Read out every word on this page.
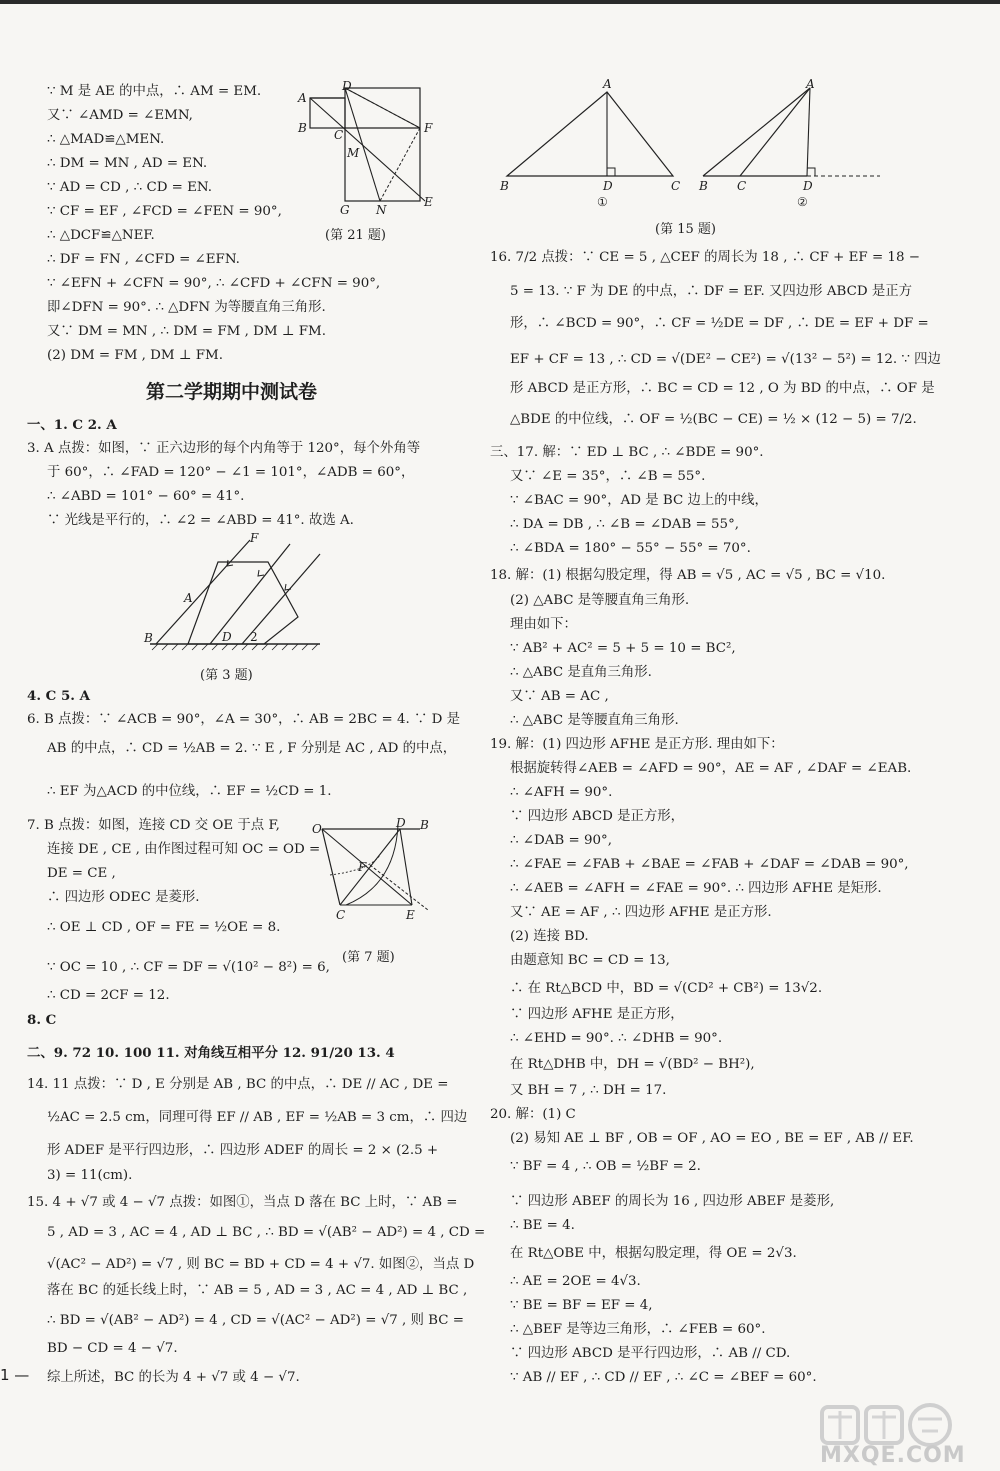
∵ M 是 AE 的中点，∴ AM = EM.
又∵ ∠AMD = ∠EMN,
∴ △MAD≌△MEN.
∴ DM = MN , AD = EN.
∵ AD = CD , ∴ CD = EN.
∵ CF = EF , ∠FCD = ∠FEN = 90°,
∴ △DCF≌△NEF.
∴ DF = FN , ∠CFD = ∠EFN.
∵ ∠EFN + ∠CFN = 90°, ∴ ∠CFD + ∠CFN = 90°,
即∠DFN = 90°. ∴ △DFN 为等腰直角三角形.
又∵ DM = MN , ∴ DM = FM , DM ⊥ FM.
(2) DM = FM , DM ⊥ FM.
A
B C
D
F
M
G N
E
(第 21 题)
第二学期期中测试卷
一、1. C 2. A
3. A 点拨：如图，∵ 正六边形的每个内角等于 120°，每个外角等
于 60°，∴ ∠FAD = 120° − ∠1 = 101°，∠ADB = 60°，
∴ ∠ABD = 101° − 60° = 41°.
∵ 光线是平行的，∴ ∠2 = ∠ABD = 41°. 故选 A.
F
A
B	D 2
(第 3 题)
4. C 5. A
6. B 点拨：∵ ∠ACB = 90°，∠A = 30°，∴ AB = 2BC = 4. ∵ D 是
AB 的中点，∴ CD = ½AB = 2. ∵ E , F 分别是 AC , AD 的中点，
∴ EF 为△ACD 的中位线，∴ EF = ½CD = 1.
7. B 点拨：如图，连接 CD 交 OE 于点 F,
连接 DE , CE , 由作图过程可知 OC = OD =
DE = CE ,
∴ 四边形 ODEC 是菱形.
∴ OE ⊥ CD , OF = FE = ½OE = 8.
∵ OC = 10 , ∴ CF = DF = √(10² − 8²) = 6,
∴ CD = 2CF = 12.
O	D B
F
C	E
(第 7 题)
8. C
二、9. 72 10. 100 11. 对角线互相平分 12. 91/20 13. 4
14. 11 点拨：∵ D , E 分别是 AB , BC 的中点，∴ DE // AC , DE =
½AC = 2.5 cm，同理可得 EF // AB , EF = ½AB = 3 cm，∴ 四边
形 ADEF 是平行四边形，∴ 四边形 ADEF 的周长 = 2 × (2.5 +
3) = 11(cm).
15. 4 + √7 或 4 − √7 点拨：如图①，当点 D 落在 BC 上时，∵ AB =
5 , AD = 3 , AC = 4 , AD ⊥ BC , ∴ BD = √(AB² − AD²) = 4 , CD =
√(AC² − AD²) = √7 , 则 BC = BD + CD = 4 + √7. 如图②，当点 D
落在 BC 的延长线上时，∵ AB = 5 , AD = 3 , AC = 4 , AD ⊥ BC ,
∴ BD = √(AB² − AD²) = 4 , CD = √(AC² − AD²) = √7 , 则 BC =
BD − CD = 4 − √7.
综上所述，BC 的长为 4 + √7 或 4 − √7.
A
B	D	C
①
A
B C	D
②
(第 15 题)
16. 7/2 点拨：∵ CE = 5 , △CEF 的周长为 18 , ∴ CF + EF = 18 −
5 = 13. ∵ F 为 DE 的中点，∴ DF = EF. 又四边形 ABCD 是正方
形，∴ ∠BCD = 90°，∴ CF = ½DE = DF , ∴ DE = EF + DF =
EF + CF = 13 , ∴ CD = √(DE² − CE²) = √(13² − 5²) = 12. ∵ 四边
形 ABCD 是正方形，∴ BC = CD = 12 , O 为 BD 的中点，∴ OF 是
△BDE 的中位线，∴ OF = ½(BC − CE) = ½ × (12 − 5) = 7/2.
三、17. 解：∵ ED ⊥ BC , ∴ ∠BDE = 90°.
又∵ ∠E = 35°，∴ ∠B = 55°.
∵ ∠BAC = 90°，AD 是 BC 边上的中线，
∴ DA = DB , ∴ ∠B = ∠DAB = 55°,
∴ ∠BDA = 180° − 55° − 55° = 70°.
18. 解：(1) 根据勾股定理，得 AB = √5 , AC = √5 , BC = √10.
(2) △ABC 是等腰直角三角形.
理由如下：
∵ AB² + AC² = 5 + 5 = 10 = BC²,
∴ △ABC 是直角三角形.
又∵ AB = AC ,
∴ △ABC 是等腰直角三角形.
19. 解：(1) 四边形 AFHE 是正方形. 理由如下：
根据旋转得∠AEB = ∠AFD = 90°，AE = AF , ∠DAF = ∠EAB.
∴ ∠AFH = 90°.
∵ 四边形 ABCD 是正方形，
∴ ∠DAB = 90°,
∴ ∠FAE = ∠FAB + ∠BAE = ∠FAB + ∠DAF = ∠DAB = 90°,
∴ ∠AEB = ∠AFH = ∠FAE = 90°. ∴ 四边形 AFHE 是矩形.
又∵ AE = AF , ∴ 四边形 AFHE 是正方形.
(2) 连接 BD.
由题意知 BC = CD = 13,
∴ 在 Rt△BCD 中，BD = √(CD² + CB²) = 13√2.
∵ 四边形 AFHE 是正方形，
∴ ∠EHD = 90°. ∴ ∠DHB = 90°.
在 Rt△DHB 中，DH = √(BD² − BH²),
又 BH = 7 , ∴ DH = 17.
20. 解：(1) C
(2) 易知 AE ⊥ BF , OB = OF , AO = EO , BE = EF , AB // EF.
∵ BF = 4 , ∴ OB = ½BF = 2.
∵ 四边形 ABEF 的周长为 16 , 四边形 ABEF 是菱形,
∴ BE = 4.
在 Rt△OBE 中，根据勾股定理，得 OE = 2√3.
∴ AE = 2OE = 4√3.
∵ BE = BF = EF = 4,
∴ △BEF 是等边三角形，∴ ∠FEB = 60°.
∵ 四边形 ABCD 是平行四边形，∴ AB // CD.
∵ AB // EF , ∴ CD // EF , ∴ ∠C = ∠BEF = 60°.
1 —
MXQE.COM
